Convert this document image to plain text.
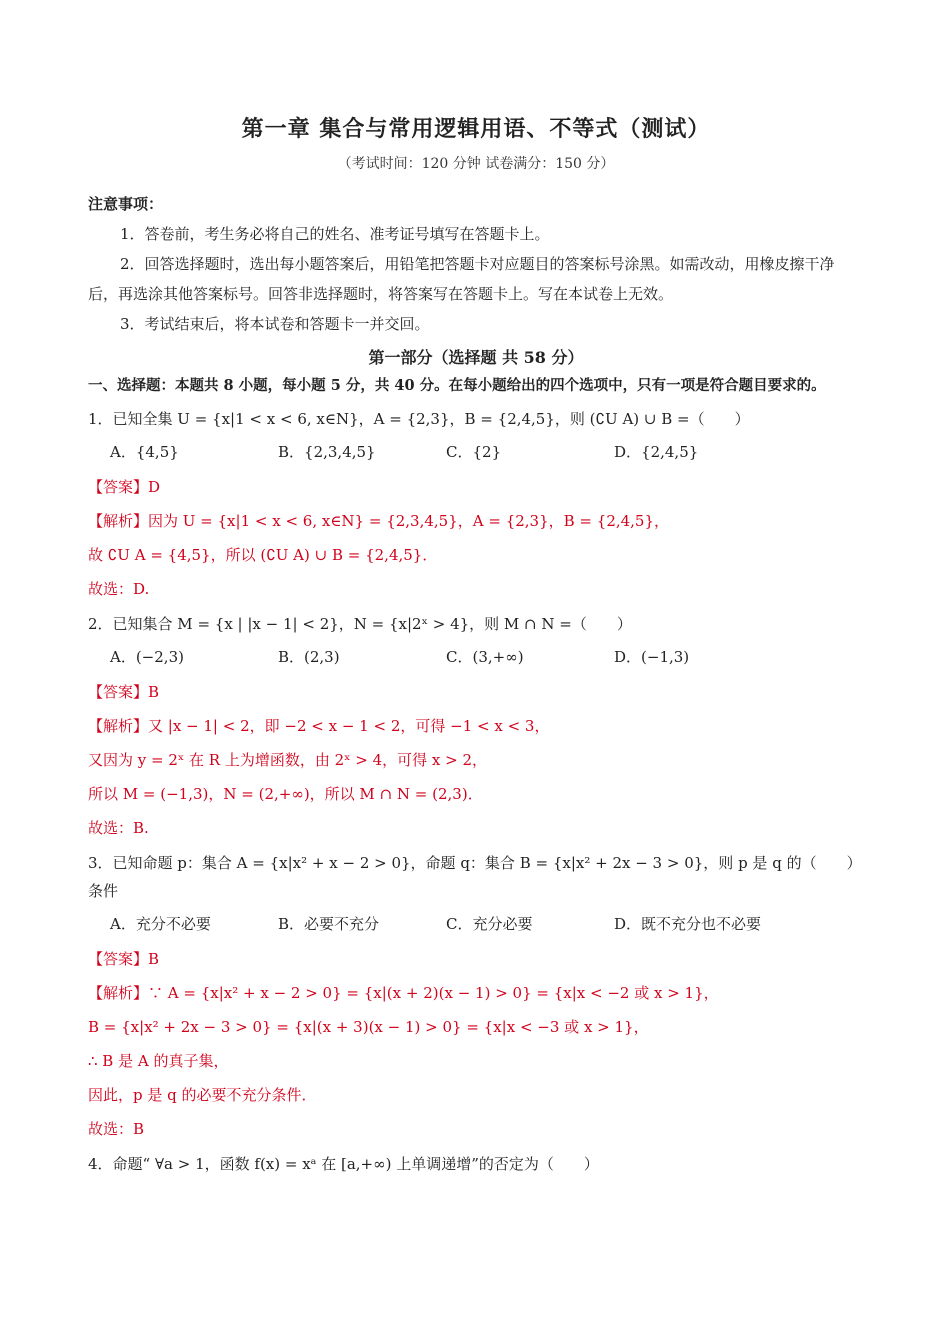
第一章 集合与常用逻辑用语、不等式（测试）
（考试时间：120 分钟 试卷满分：150 分）

注意事项：

1．答卷前，考生务必将自己的姓名、准考证号填写在答题卡上。

2．回答选择题时，选出每小题答案后，用铅笔把答题卡对应题目的答案标号涂黑。如需改动，用橡皮擦干净后，再选涂其他答案标号。回答非选择题时，将答案写在答题卡上。写在本试卷上无效。

3．考试结束后，将本试卷和答题卡一并交回。

第一部分（选择题 共 58 分）
一、选择题：本题共 8 小题，每小题 5 分，共 40 分。在每小题给出的四个选项中，只有一项是符合题目要求的。
1．已知全集 U = {x|1 < x < 6, x∈N}，A = {2,3}，B = {2,4,5}，则 (∁U A) ∪ B =（　　）
A．{4,5}	B．{2,3,4,5}	C．{2}	D．{2,4,5}
【答案】D
【解析】因为 U = {x|1 < x < 6, x∈N} = {2,3,4,5}，A = {2,3}，B = {2,4,5}，
故 ∁U A = {4,5}，所以 (∁U A) ∪ B = {2,4,5}．
故选：D.
2．已知集合 M = {x | |x − 1| < 2}，N = {x|2ˣ > 4}，则 M ∩ N =（　　）
A．(−2,3)	B．(2,3)	C．(3,+∞)	D．(−1,3)
【答案】B
【解析】又 |x − 1| < 2，即 −2 < x − 1 < 2，可得 −1 < x < 3，
又因为 y = 2ˣ 在 R 上为增函数，由 2ˣ > 4，可得 x > 2，
所以 M = (−1,3)，N = (2,+∞)，所以 M ∩ N = (2,3)．
故选：B.
3．已知命题 p：集合 A = {x|x² + x − 2 > 0}，命题 q：集合 B = {x|x² + 2x − 3 > 0}，则 p 是 q 的（　　）条件
A．充分不必要	B．必要不充分	C．充分必要	D．既不充分也不必要
【答案】B
【解析】∵ A = {x|x² + x − 2 > 0} = {x|(x + 2)(x − 1) > 0} = {x|x < −2 或 x > 1}，
B = {x|x² + 2x − 3 > 0} = {x|(x + 3)(x − 1) > 0} = {x|x < −3 或 x > 1}，
∴ B 是 A 的真子集，
因此，p 是 q 的必要不充分条件．
故选：B
4．命题“ ∀a > 1，函数 f(x) = xᵃ 在 [a,+∞) 上单调递增”的否定为（　　）
